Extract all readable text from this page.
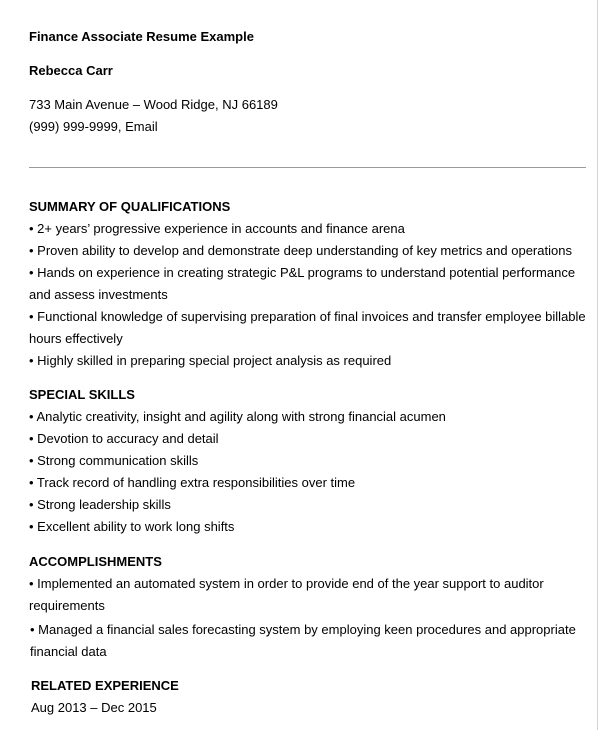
Finance Associate Resume Example
Rebecca Carr
733 Main Avenue – Wood Ridge, NJ 66189
(999) 999-9999, Email

SUMMARY OF QUALIFICATIONS

• 2+ years’ progressive experience in accounts and finance arena

• Proven ability to develop and demonstrate deep understanding of key metrics and operations

• Hands on experience in creating strategic P&L programs to understand potential performance and assess investments

• Functional knowledge of supervising preparation of final invoices and transfer employee billable hours effectively

• Highly skilled in preparing special project analysis as required

SPECIAL SKILLS

• Analytic creativity, insight and agility along with strong financial acumen

• Devotion to accuracy and detail

• Strong communication skills

• Track record of handling extra responsibilities over time

• Strong leadership skills

• Excellent ability to work long shifts

ACCOMPLISHMENTS

• Implemented an automated system in order to provide end of the year support to auditor requirements

• Managed a financial sales forecasting system by employing keen procedures and appropriate financial data

RELATED EXPERIENCE

Aug 2013 – Dec 2015
